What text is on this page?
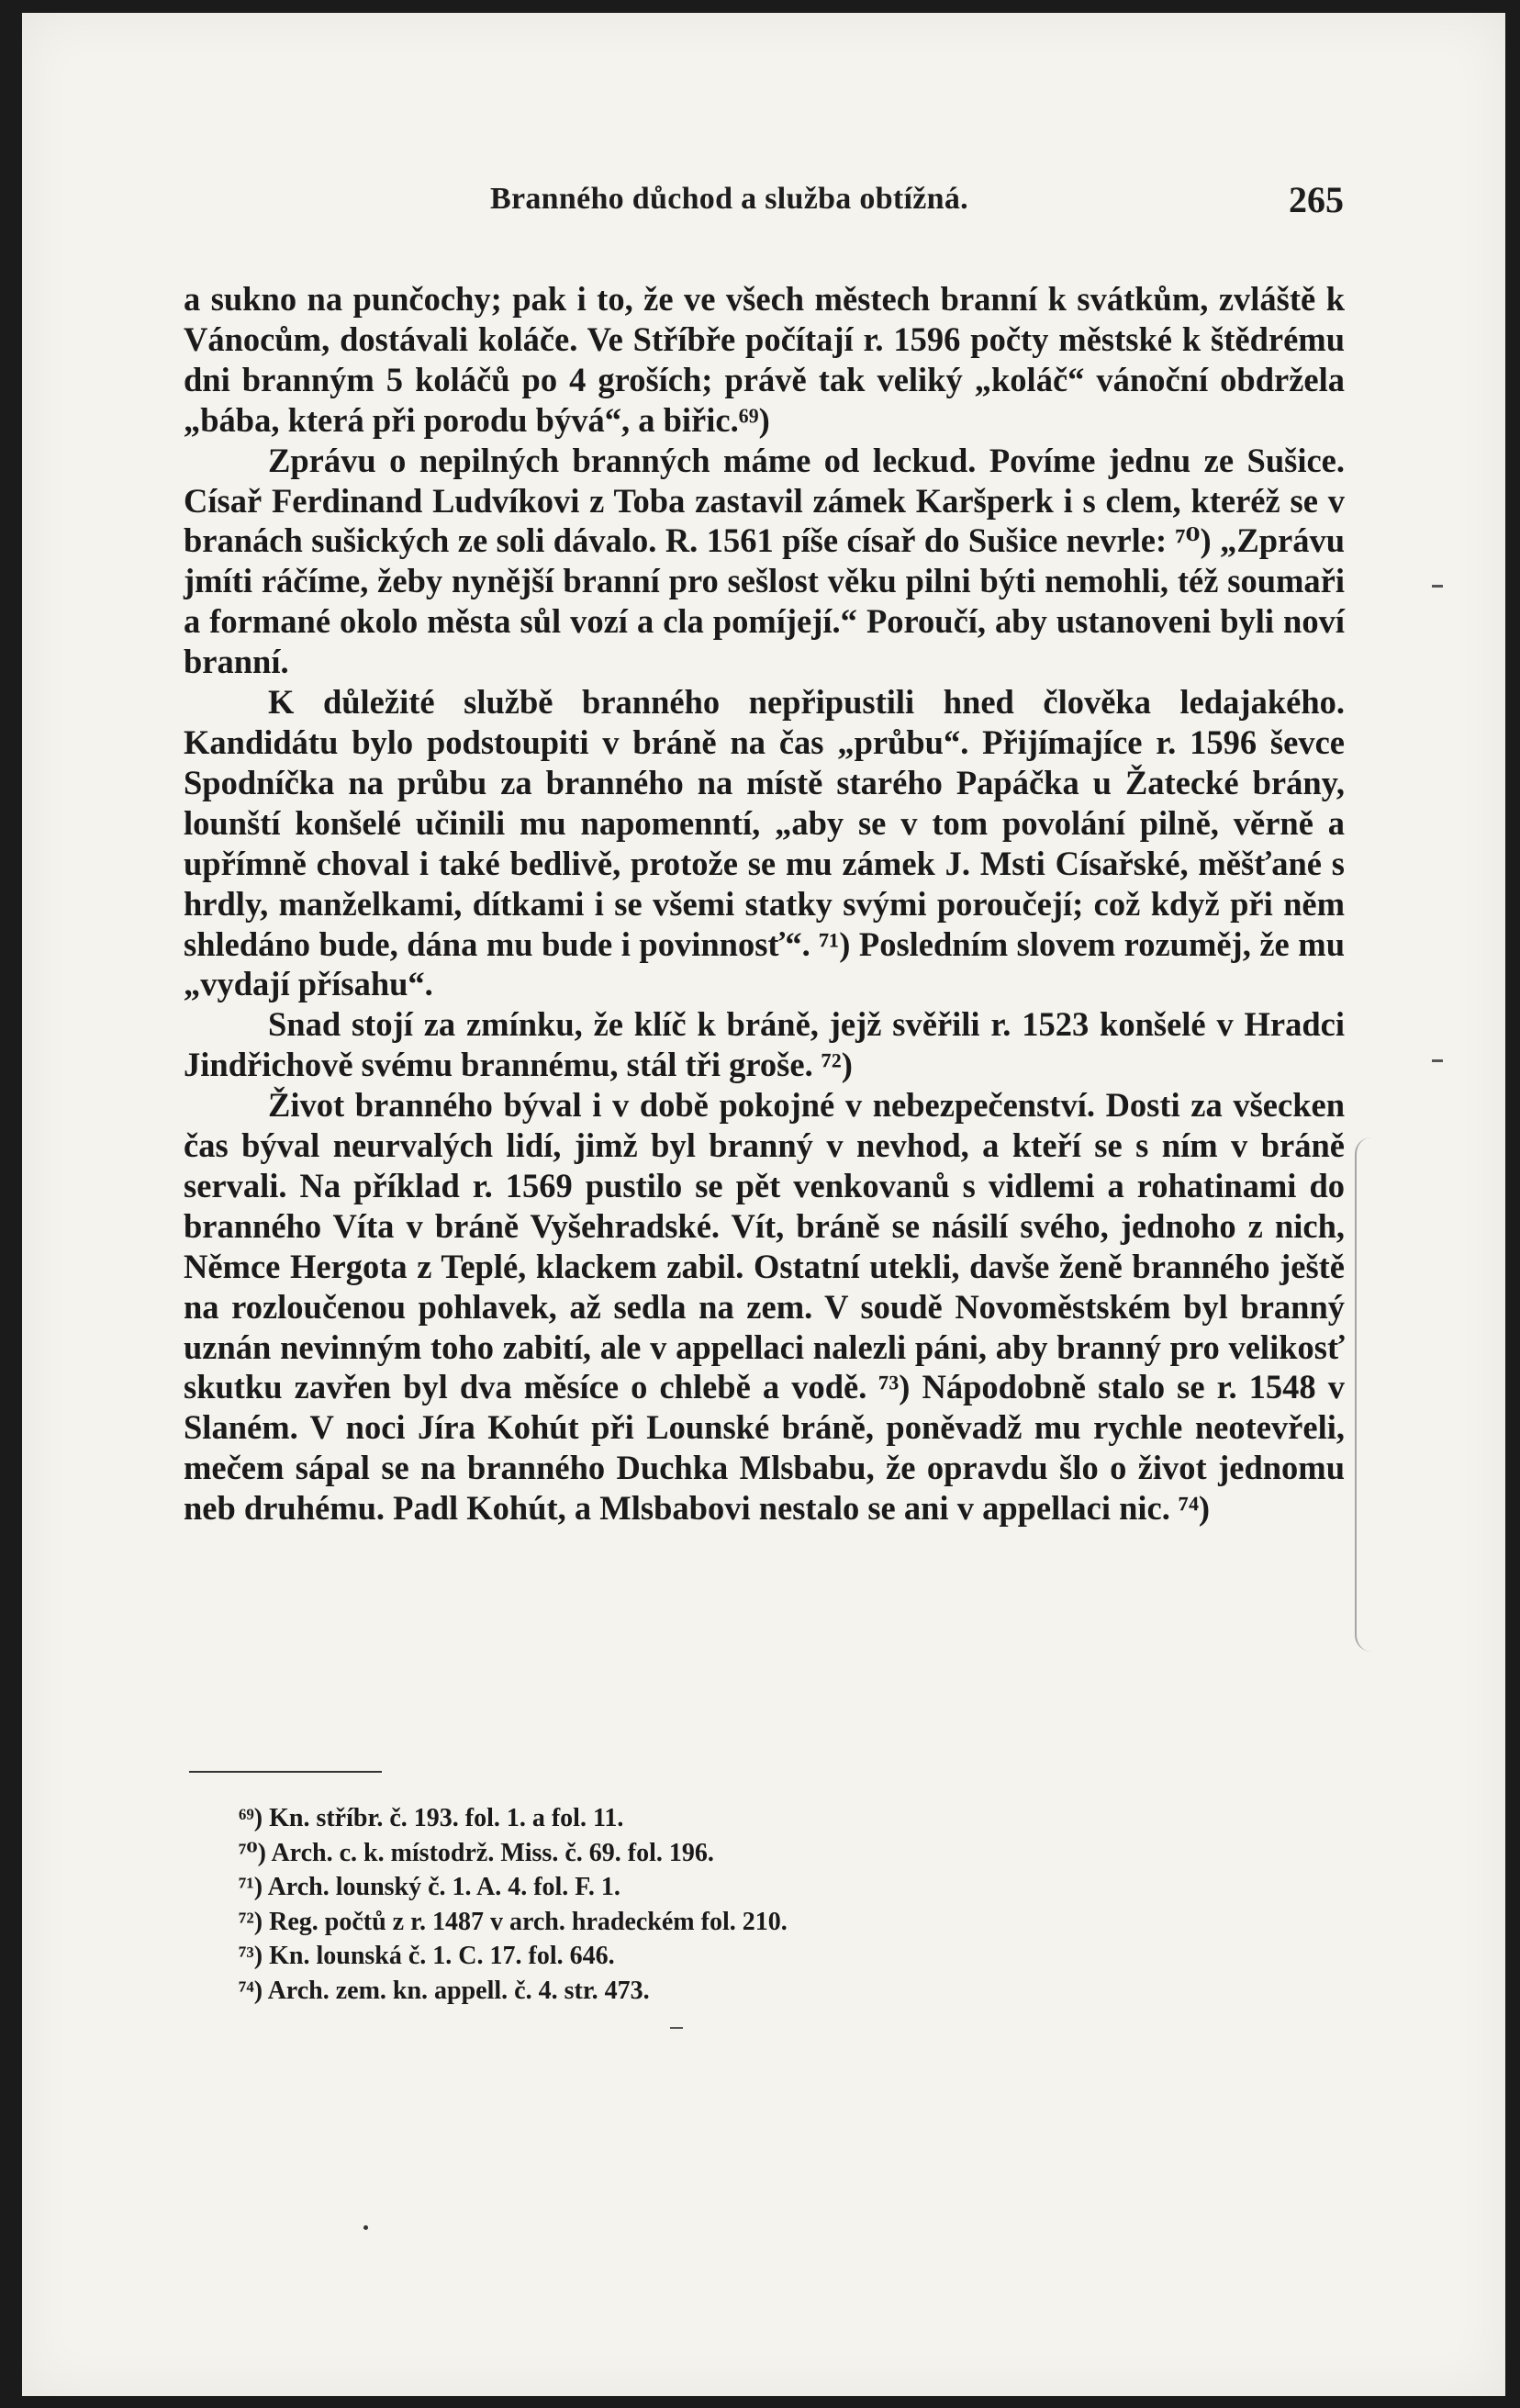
Branného důchod a služba obtížná.	265

a sukno na punčochy; pak i to, že ve všech městech branní k svátkům, zvláště k Vánocům, dostávali koláče. Ve Stříbře počítají r. 1596 počty městské k štědrému dni branným 5 koláčů po 4 groších; právě tak veliký „koláč“ vánoční obdržela „bába, která při porodu bývá“, a biřic.⁶⁹)

Zprávu o nepilných branných máme od leckud. Povíme jednu ze Sušice. Císař Ferdinand Ludvíkovi z Toba zastavil zámek Karšperk i s clem, kteréž se v branách sušických ze soli dávalo. R. 1561 píše císař do Sušice nevrle: ⁷⁰) „Zprávu jmíti ráčíme, žeby nynější branní pro sešlost věku pilni býti nemohli, též soumaři a formané okolo města sůl vozí a cla pomíjejí.“ Poroučí, aby ustanoveni byli noví branní.

K důležité službě branného nepřipustili hned člověka ledajakého. Kandidátu bylo podstoupiti v bráně na čas „průbu“. Přijímajíce r. 1596 ševce Spodníčka na průbu za branného na místě starého Papáčka u Žatecké brány, lounští konšelé učinili mu napomenntí, „aby se v tom povolání pilně, věrně a upřímně choval i také bedlivě, protože se mu zámek J. Msti Císařské, měšťané s hrdly, manželkami, dítkami i se všemi statky svými poroučejí; což když při něm shledáno bude, dána mu bude i povinnosť“. ⁷¹) Posledním slovem rozuměj, že mu „vydají přísahu“.

Snad stojí za zmínku, že klíč k bráně, jejž svěřili r. 1523 konšelé v Hradci Jindřichově svému brannému, stál tři groše. ⁷²)

Život branného býval i v době pokojné v nebezpečenství. Dosti za všecken čas býval neurvalých lidí, jimž byl branný v nevhod, a kteří se s ním v bráně servali. Na příklad r. 1569 pustilo se pět venkovanů s vidlemi a rohatinami do branného Víta v bráně Vyšehradské. Vít, bráně se násilí svého, jednoho z nich, Němce Hergota z Teplé, klackem zabil. Ostatní utekli, davše ženě branného ještě na rozloučenou pohlavek, až sedla na zem. V soudě Novoměstském byl branný uznán nevinným toho zabití, ale v appellaci nalezli páni, aby branný pro velikosť skutku zavřen byl dva měsíce o chlebě a vodě. ⁷³) Nápodobně stalo se r. 1548 v Slaném. V noci Jíra Kohút při Lounské bráně, poněvadž mu rychle neotevřeli, mečem sápal se na branného Duchka Mlsbabu, že opravdu šlo o život jednomu neb druhému. Padl Kohút, a Mlsbabovi nestalo se ani v appellaci nic. ⁷⁴)

⁶⁹) Kn. stříbr. č. 193. fol. 1. a fol. 11.

⁷⁰) Arch. c. k. místodrž. Miss. č. 69. fol. 196.

⁷¹) Arch. lounský č. 1. A. 4. fol. F. 1.

⁷²) Reg. počtů z r. 1487 v arch. hradeckém fol. 210.

⁷³) Kn. lounská č. 1. C. 17. fol. 646.

⁷⁴) Arch. zem. kn. appell. č. 4. str. 473.
